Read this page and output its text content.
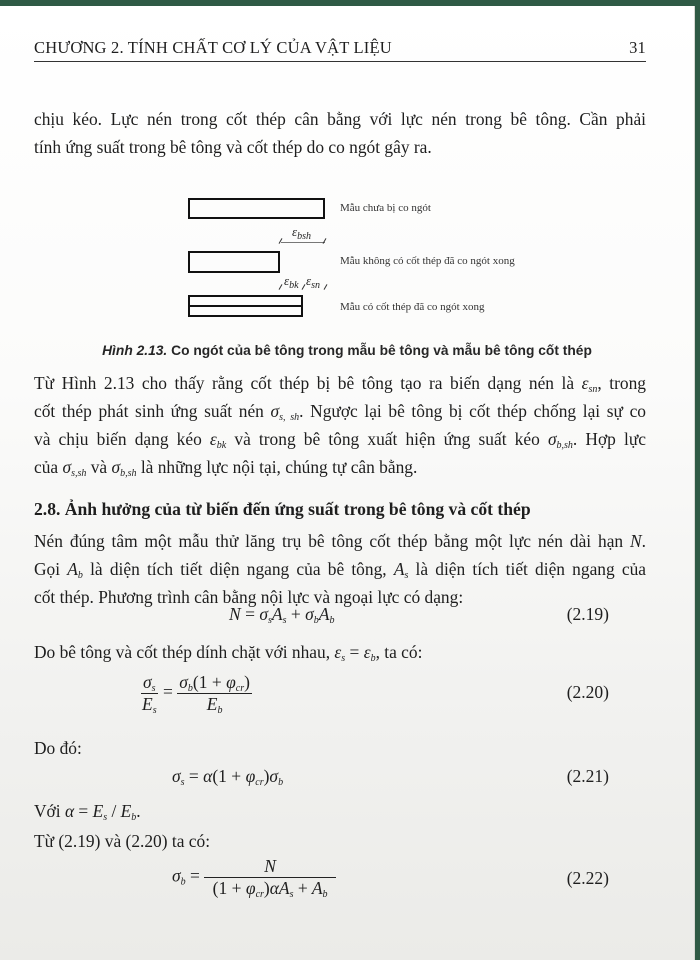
CHƯƠNG 2. TÍNH CHẤT CƠ LÝ CỦA VẬT LIỆU	31
chịu kéo. Lực nén trong cốt thép cân bằng với lực nén trong bê tông. Cần phải
tính ứng suất trong bê tông và cốt thép do co ngót gây ra.
Mẫu chưa bị co ngót
$\varepsilon_{bsh}$
Mẫu không có cốt thép đã co ngót xong
$\varepsilon_{bk}$ $\varepsilon_{sn}$
Mẫu có cốt thép đã co ngót xong
Hình 2.13. Co ngót của bê tông trong mẫu bê tông và mẫu bê tông cốt thép
Từ Hình 2.13 cho thấy rằng cốt thép bị bê tông tạo ra biến dạng nén là $\varepsilon_{sn}$, trong
cốt thép phát sinh ứng suất nén $\sigma_{s, sh}$. Ngược lại bê tông bị cốt thép chống lại sự co
và chịu biến dạng kéo $\varepsilon_{bk}$ và trong bê tông xuất hiện ứng suất kéo $\sigma_{b,sh}$. Hợp lực
của $\sigma_{s,sh}$ và $\sigma_{b,sh}$ là những lực nội tại, chúng tự cân bằng.
2.8. Ảnh hưởng của từ biến đến ứng suất trong bê tông và cốt thép
Nén đúng tâm một mẫu thử lăng trụ bê tông cốt thép bằng một lực nén dài hạn N.
Gọi $A_b$ là diện tích tiết diện ngang của bê tông, $A_s$ là diện tích tiết diện ngang của
cốt thép. Phương trình cân bằng nội lực và ngoại lực có dạng:
$N = \sigma_sA_s + \sigma_bA_b$	(2.19)
Do bê tông và cốt thép dính chặt với nhau, $\varepsilon_s = \varepsilon_b$, ta có:
$\frac{\sigma_s}{E_s} = \frac{\sigma_b(1 + \varphi_{cr})}{E_b}$	(2.20)
Do đó:
$\sigma_s = \alpha(1 + \varphi_{cr})\sigma_b$	(2.21)
Với $\alpha = E_s / E_b$.
Từ (2.19) và (2.20) ta có:
$\sigma_b = \frac{N}{(1 + \varphi_{cr})\alpha A_s + A_b}$	(2.22)
